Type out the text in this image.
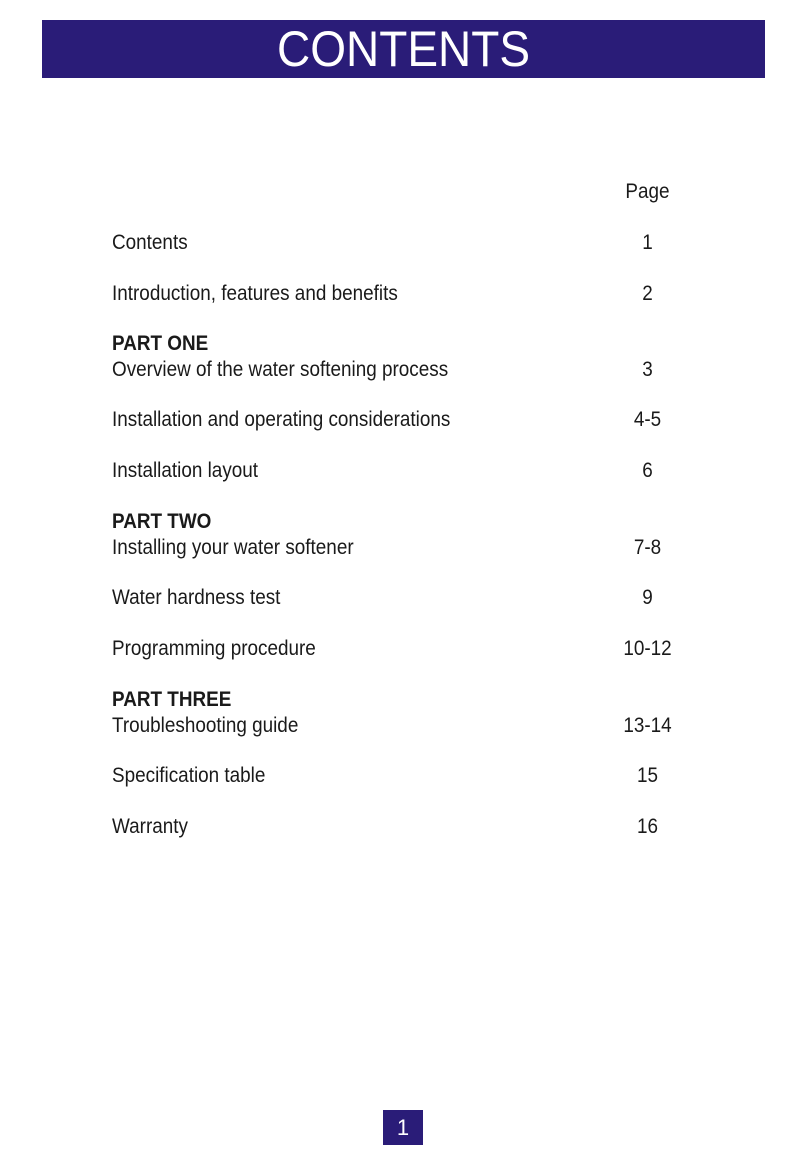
CONTENTS
Page
Contents	1
Introduction, features and benefits	2
PART ONE
Overview of the water softening process	3
Installation and operating considerations	4-5
Installation layout	6
PART TWO
Installing your water softener	7-8
Water hardness test	9
Programming procedure	10-12
PART THREE
Troubleshooting guide	13-14
Specification table	15
Warranty	16
1
